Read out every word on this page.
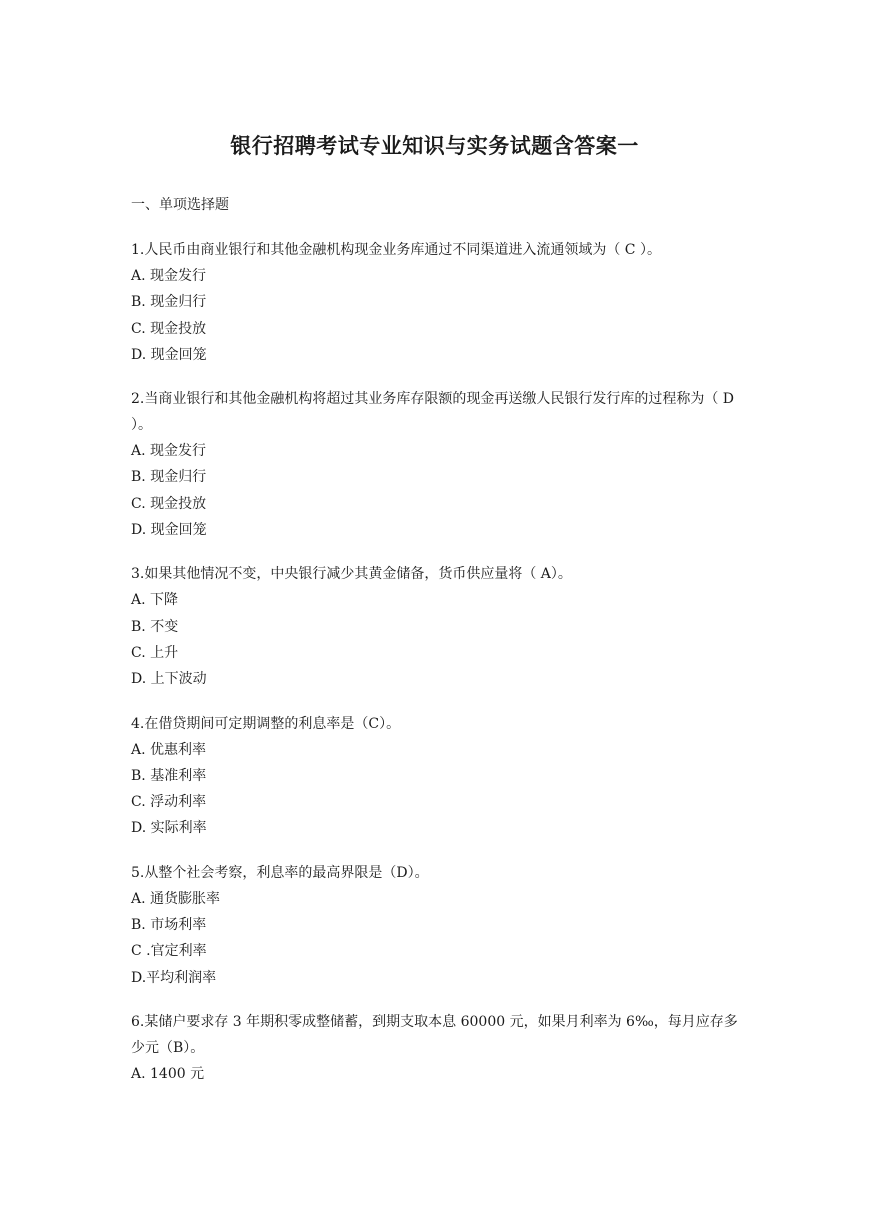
银行招聘考试专业知识与实务试题含答案一
一、单项选择题

1.人民币由商业银行和其他金融机构现金业务库通过不同渠道进入流通领域为（ C ）。

A. 现金发行

B. 现金归行

C. 现金投放

D. 现金回笼

2.当商业银行和其他金融机构将超过其业务库存限额的现金再送缴人民银行发行库的过程称为（ D ）。

A. 现金发行

B. 现金归行

C. 现金投放

D. 现金回笼

3.如果其他情况不变，中央银行减少其黄金储备，货币供应量将（ A）。

A. 下降

B. 不变

C. 上升

D. 上下波动

4.在借贷期间可定期调整的利息率是（C）。

A. 优惠利率

B. 基准利率

C. 浮动利率

D. 实际利率

5.从整个社会考察，利息率的最高界限是（D）。

A. 通货膨胀率

B. 市场利率

C .官定利率

D.平均利润率

6.某储户要求存 3 年期积零成整储蓄，到期支取本息 60000 元，如果月利率为 6‰，每月应存多少元（B）。

A. 1400 元
